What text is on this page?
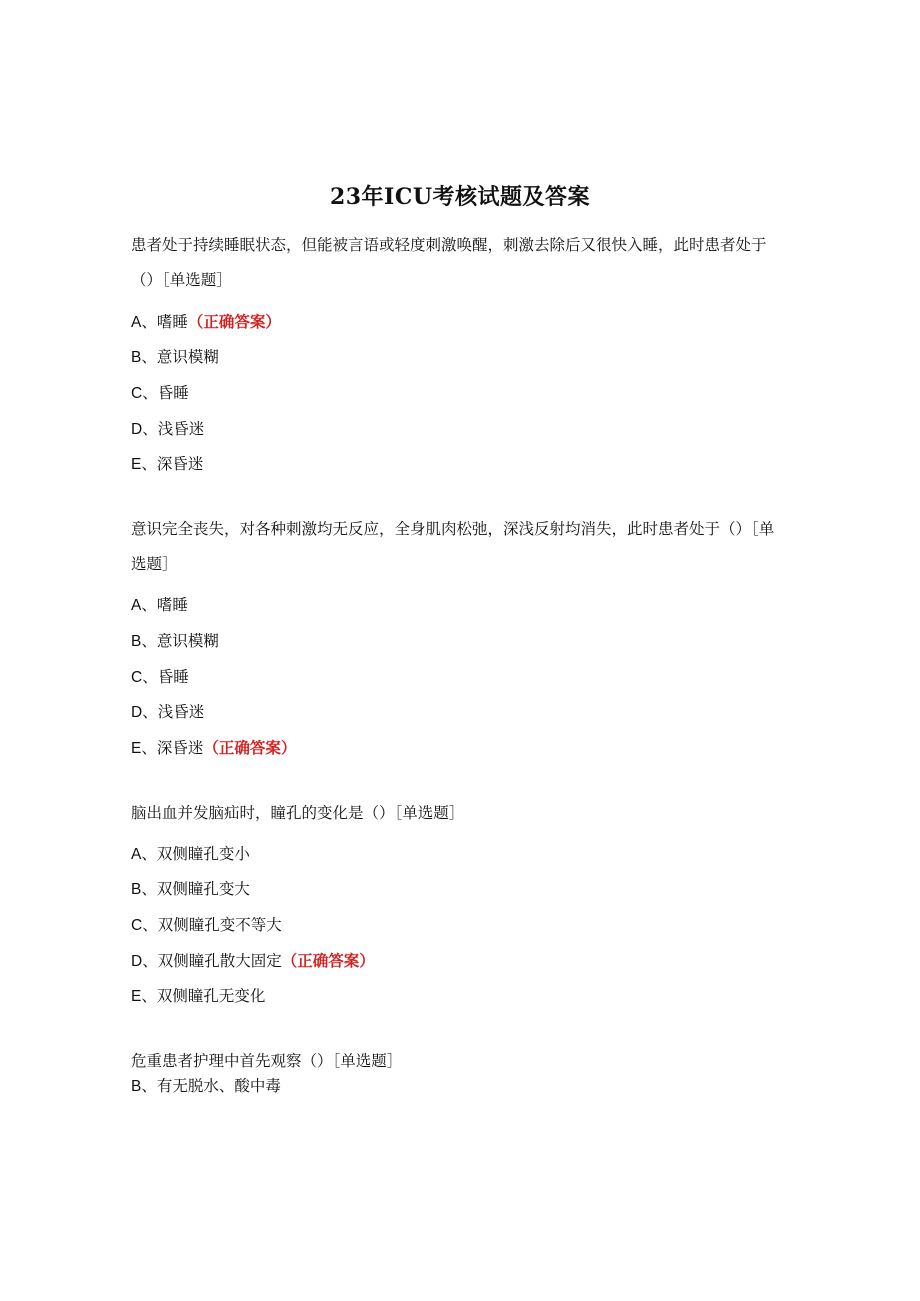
23年ICU考核试题及答案
患者处于持续睡眠状态，但能被言语或轻度刺激唤醒，刺激去除后又很快入睡，此时患者处于（）［单选题］
A、嗜睡（正确答案）
B、意识模糊
C、昏睡
D、浅昏迷
E、深昏迷
意识完全丧失，对各种刺激均无反应，全身肌肉松弛，深浅反射均消失，此时患者处于（）［单选题］
A、嗜睡
B、意识模糊
C、昏睡
D、浅昏迷
E、深昏迷（正确答案）
脑出血并发脑疝时，瞳孔的变化是（）［单选题］
A、双侧瞳孔变小
B、双侧瞳孔变大
C、双侧瞳孔变不等大
D、双侧瞳孔散大固定（正确答案）
E、双侧瞳孔无变化
危重患者护理中首先观察（）［单选题］
B、有无脱水、酸中毒
